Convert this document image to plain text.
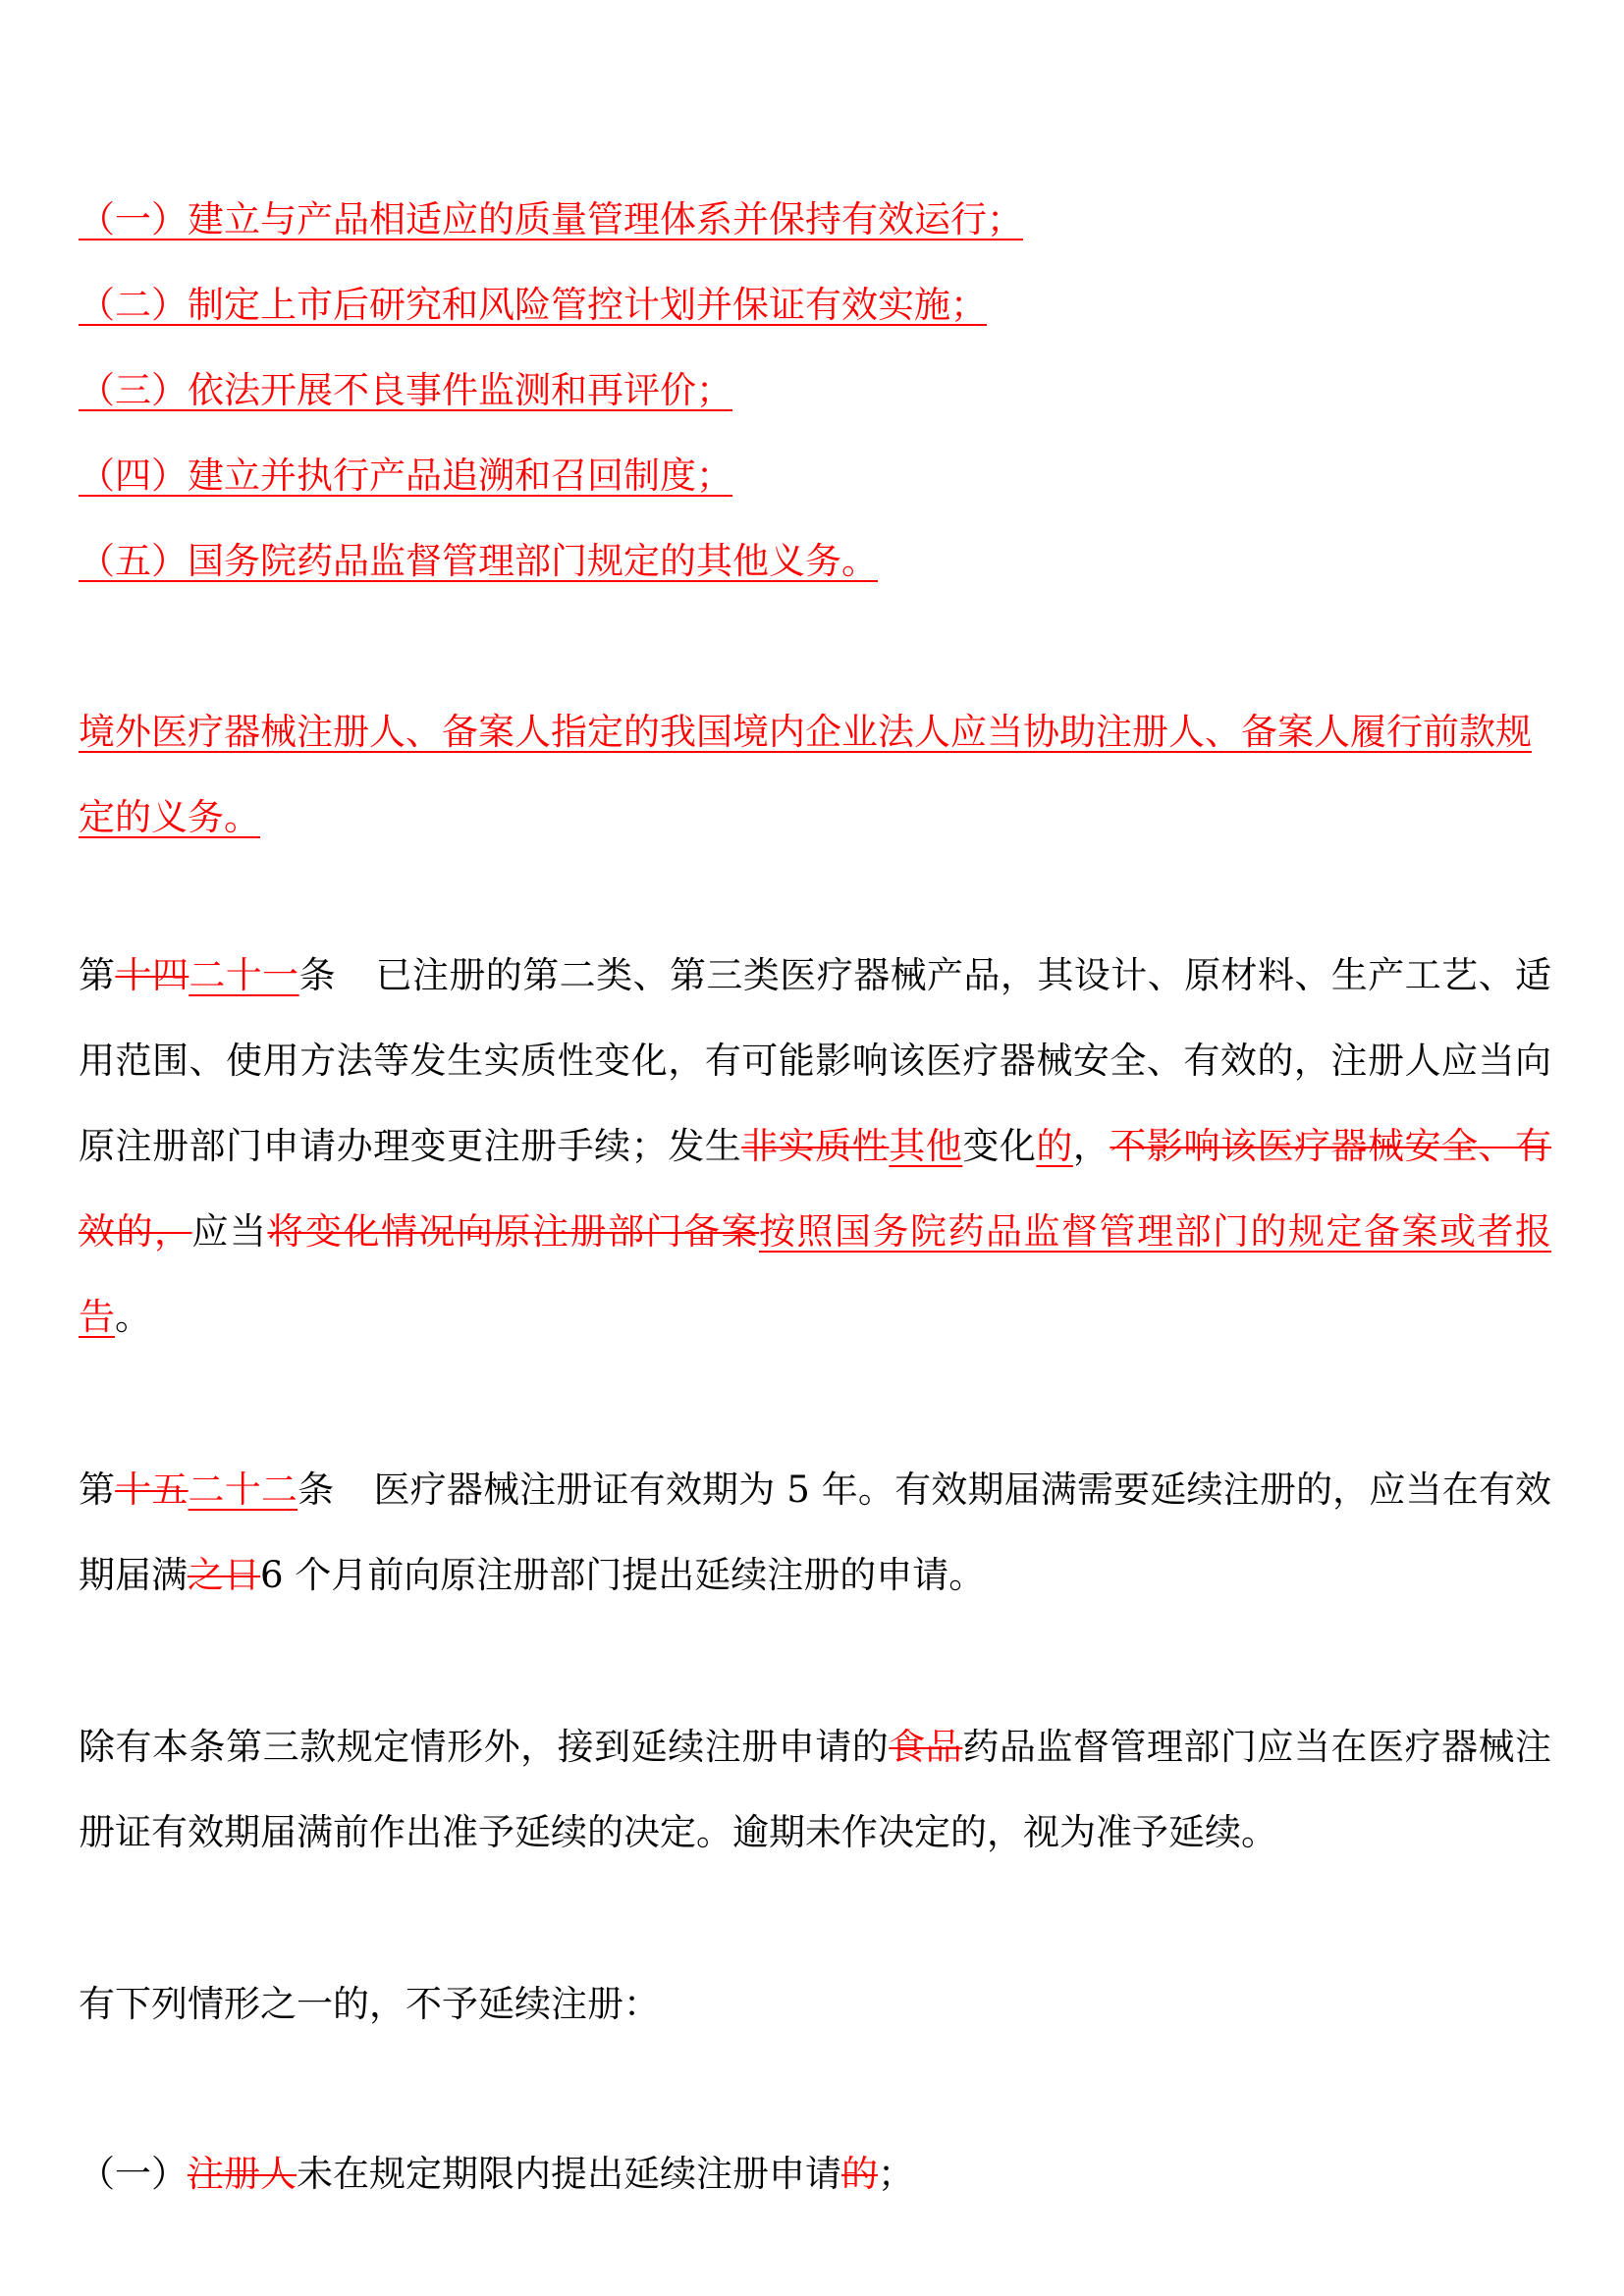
（一）建立与产品相适应的质量管理体系并保持有效运行；
（二）制定上市后研究和风险管控计划并保证有效实施；
（三）依法开展不良事件监测和再评价；
（四）建立并执行产品追溯和召回制度；
（五）国务院药品监督管理部门规定的其他义务。
境外医疗器械注册人、备案人指定的我国境内企业法人应当协助注册人、备案人履行前款规定的义务。
第十四二十一条 已注册的第二类、第三类医疗器械产品，其设计、原材料、生产工艺、适用范围、使用方法等发生实质性变化，有可能影响该医疗器械安全、有效的，注册人应当向原注册部门申请办理变更注册手续；发生非实质性其他变化的，不影响该医疗器械安全、有效的，应当将变化情况向原注册部门备案按照国务院药品监督管理部门的规定备案或者报告。
第十五二十二条 医疗器械注册证有效期为 5 年。有效期届满需要延续注册的，应当在有效期届满之日6 个月前向原注册部门提出延续注册的申请。
除有本条第三款规定情形外，接到延续注册申请的食品药品监督管理部门应当在医疗器械注册证有效期届满前作出准予延续的决定。逾期未作决定的，视为准予延续。
有下列情形之一的，不予延续注册：
（一）注册人未在规定期限内提出延续注册申请的；
